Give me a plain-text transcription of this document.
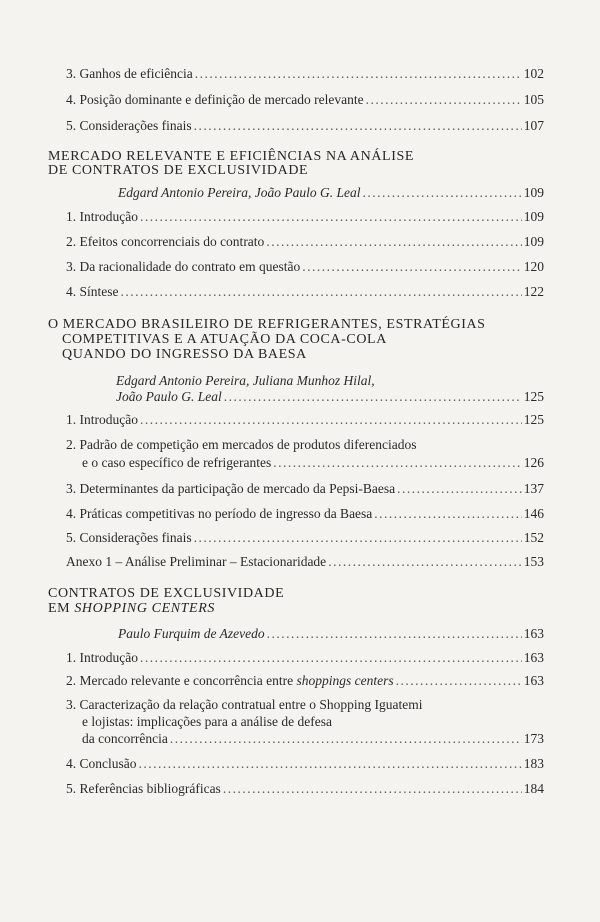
3. Ganhos de eficiência .....	102
4. Posição dominante e definição de mercado relevante .....	105
5. Considerações finais .....	107
MERCADO RELEVANTE E EFICIÊNCIAS NA ANÁLISE
DE CONTRATOS DE EXCLUSIVIDADE
Edgard Antonio Pereira, João Paulo G. Leal .....	109
1. Introdução .....	109
2. Efeitos concorrenciais do contrato .....	109
3. Da racionalidade do contrato em questão .....	120
4. Síntese .....	122
O MERCADO BRASILEIRO DE REFRIGERANTES, ESTRATÉGIAS
COMPETITIVAS E A ATUAÇÃO DA COCA-COLA
QUANDO DO INGRESSO DA BAESA
Edgard Antonio Pereira, Juliana Munhoz Hilal,
João Paulo G. Leal .....	125
1. Introdução .....	125
2. Padrão de competição em mercados de produtos diferenciados
e o caso específico de refrigerantes .....	126
3. Determinantes da participação de mercado da Pepsi-Baesa .....	137
4. Práticas competitivas no período de ingresso da Baesa .....	146
5. Considerações finais .....	152
Anexo 1 – Análise Preliminar – Estacionaridade .....	153
CONTRATOS DE EXCLUSIVIDADE
EM SHOPPING CENTERS
Paulo Furquim de Azevedo .....	163
1. Introdução .....	163
2. Mercado relevante e concorrência entre shoppings centers .....	163
3. Caracterização da relação contratual entre o Shopping Iguatemi
e lojistas: implicações para a análise de defesa
da concorrência .....	173
4. Conclusão .....	183
5. Referências bibliográficas .....	184
